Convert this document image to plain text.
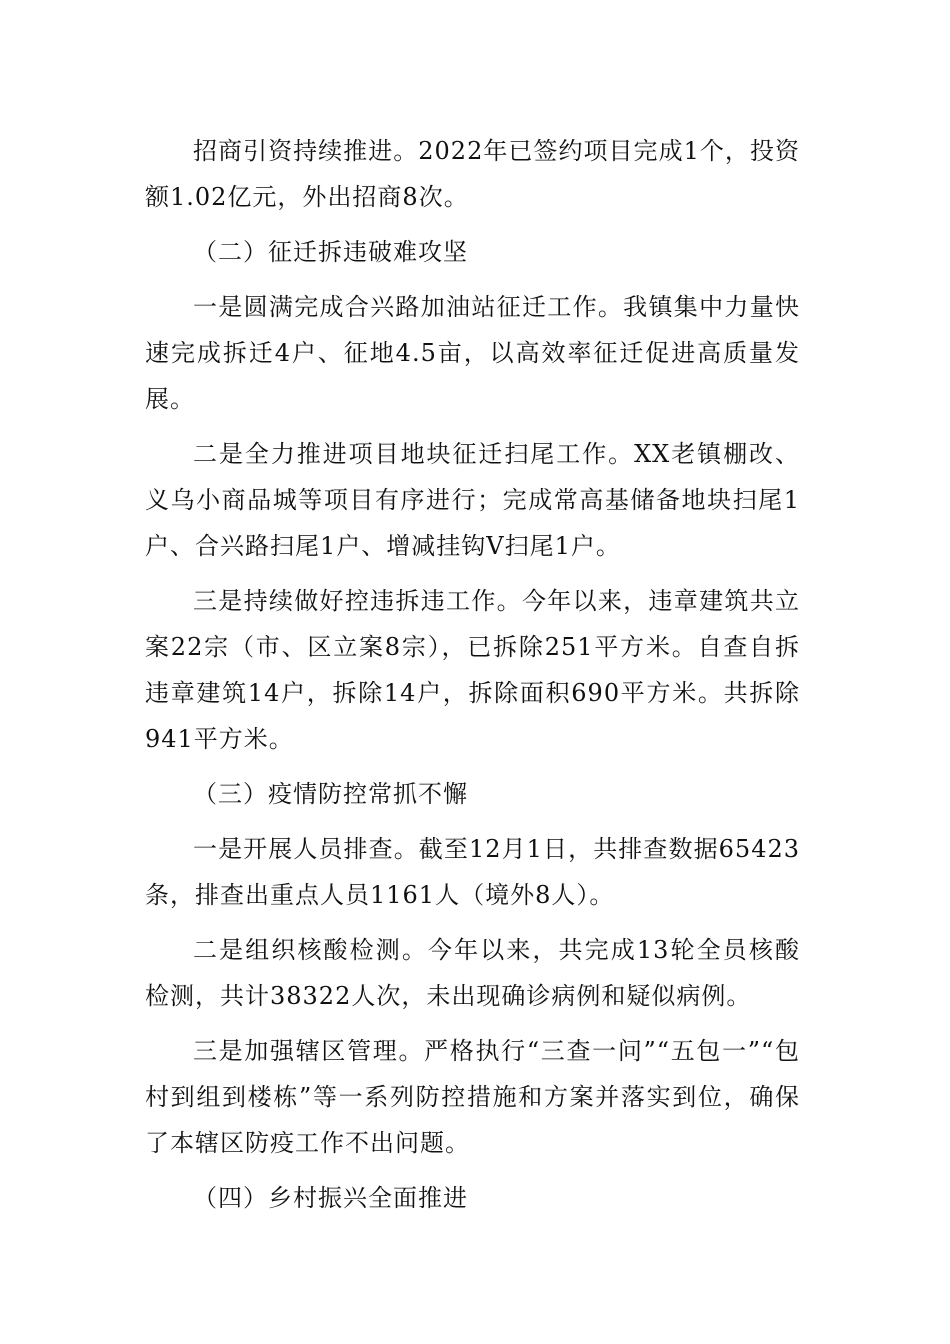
招商引资持续推进。2022年已签约项目完成1个，投资额1.02亿元，外出招商8次。

（二）征迁拆违破难攻坚

一是圆满完成合兴路加油站征迁工作。我镇集中力量快速完成拆迁4户、征地4.5亩，以高效率征迁促进高质量发展。

二是全力推进项目地块征迁扫尾工作。XX老镇棚改、义乌小商品城等项目有序进行；完成常高基储备地块扫尾1户、合兴路扫尾1户、增减挂钩V扫尾1户。

三是持续做好控违拆违工作。今年以来，违章建筑共立案22宗（市、区立案8宗），已拆除251平方米。自查自拆违章建筑14户，拆除14户，拆除面积690平方米。共拆除941平方米。

（三）疫情防控常抓不懈

一是开展人员排查。截至12月1日，共排查数据65423条，排查出重点人员1161人（境外8人）。

二是组织核酸检测。今年以来，共完成13轮全员核酸检测，共计38322人次，未出现确诊病例和疑似病例。

三是加强辖区管理。严格执行“三查一问”“五包一”“包村到组到楼栋”等一系列防控措施和方案并落实到位，确保了本辖区防疫工作不出问题。

（四）乡村振兴全面推进
